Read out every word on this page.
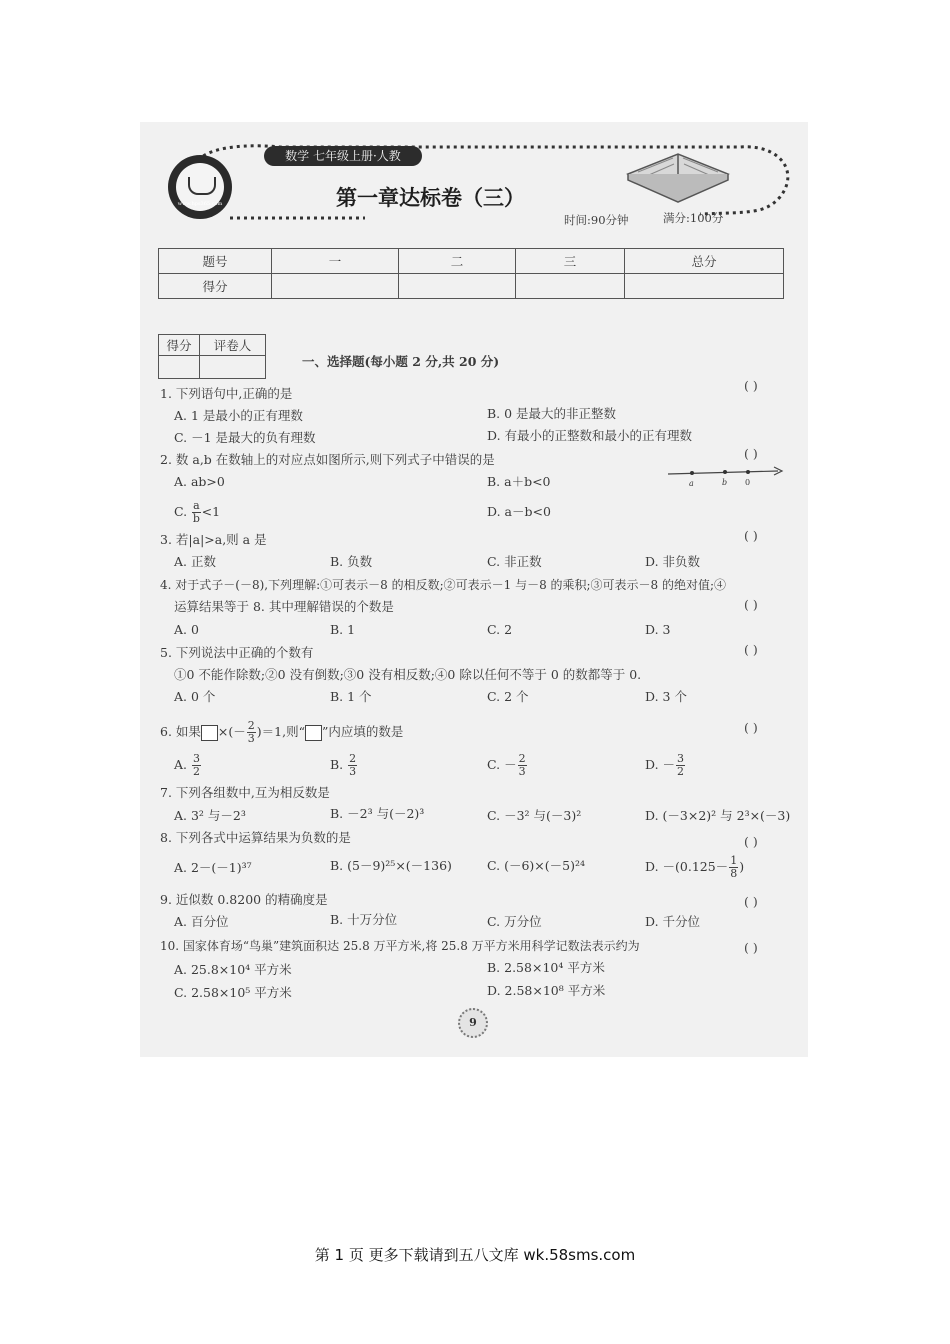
www.hps365.com
数学 七年级上册·人教
第一章达标卷（三）
时间:90分钟	满分:100分
题号	一	二	三	总分
得分				
得分	评卷人

一、选择题(每小题 2 分,共 20 分)
1. 下列语句中,正确的是
( )
A. 1 是最小的正有理数	B. 0 是最大的非正整数
C. －1 是最大的负有理数	D. 有最小的正整数和最小的正有理数
2. 数 a,b 在数轴上的对应点如图所示,则下列式子中错误的是	( )
a	b 0
A. ab>0	B. a＋b<0
C. $\frac{a}{b} <1$	D. a－b<0
3. 若|a|>a,则 a 是	( )
A. 正数	B. 负数	C. 非正数	D. 非负数
4. 对于式子－(－8),下列理解:①可表示－8 的相反数;②可表示－1 与－8 的乘积;③可表示－8 的绝对值;④
运算结果等于 8. 其中理解错误的个数是	( )
A. 0	B. 1	C. 2	D. 3
5. 下列说法中正确的个数有	( )
①0 不能作除数;②0 没有倒数;③0 没有相反数;④0 除以任何不等于 0 的数都等于 0.
A. 0 个	B. 1 个	C. 2 个	D. 3 个
6. 如果 ×(－ $\frac{2}{3} )=1$,则“ ”内应填的数是	( )
A. $\frac{3}{2}$	B. $\frac{2}{3}$	C. － $\frac{2}{3}$	D. － $\frac{3}{2}$
7. 下列各组数中,互为相反数是
A. 3² 与－2³	B. －2³ 与(－2)³	C. －3² 与(－3)²	D. (－3×2)² 与 2³×(－3)
8. 下列各式中运算结果为负数的是	( )
A. 2－(－1)³⁷	B. (5－9)²⁵×(－136)	C. (－6)×(－5)²⁴	D. $-(0.125- \frac{1}{8}$ )
9. 近似数 0.8200 的精确度是	( )
A. 百分位	B. 十万分位	C. 万分位	D. 千分位
10. 国家体育场“鸟巢”建筑面积达 25.8 万平方米,将 25.8 万平方米用科学记数法表示约为	( )
A. 25.8×10⁴ 平方米	B. 2.58×10⁴ 平方米
C. 2.58×10⁵ 平方米	D. 2.58×10⁸ 平方米
9
第 1 页 更多下载请到五八文库 wk.58sms.com
